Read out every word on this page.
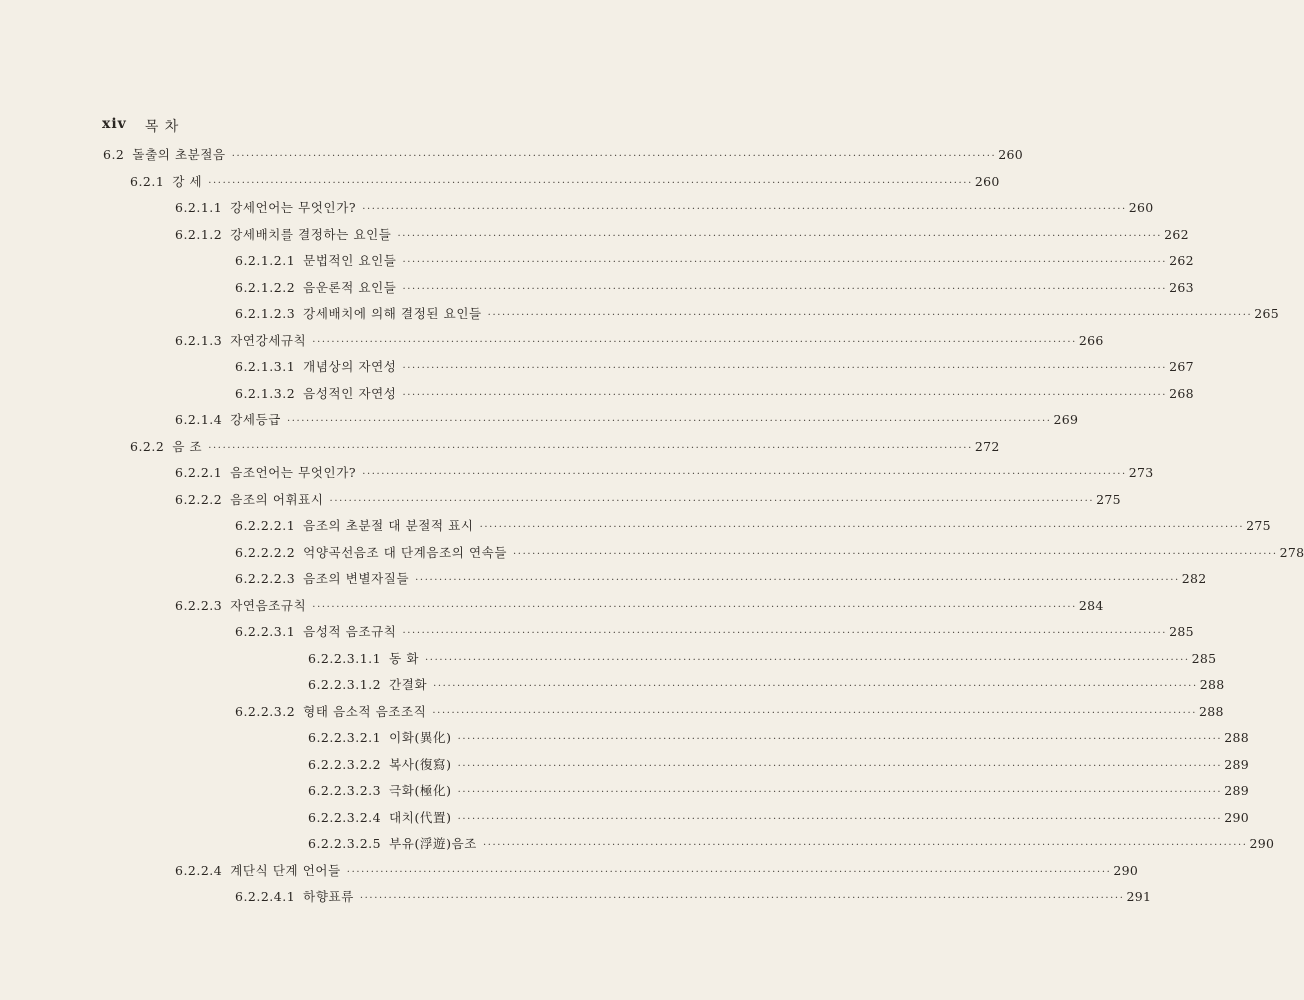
xiv 목 차
6.2 돌출의 초분절음 ································································································································································ 260
6.2.1 강 세 ································································································································································ 260
6.2.1.1 강세언어는 무엇인가? ································································································································································ 260
6.2.1.2 강세배치를 결정하는 요인들 ································································································································································ 262
6.2.1.2.1 문법적인 요인들 ································································································································································ 262
6.2.1.2.2 음운론적 요인들 ································································································································································ 263
6.2.1.2.3 강세배치에 의해 결정된 요인들 ································································································································································ 265
6.2.1.3 자연강세규칙 ································································································································································ 266
6.2.1.3.1 개념상의 자연성 ································································································································································ 267
6.2.1.3.2 음성적인 자연성 ································································································································································ 268
6.2.1.4 강세등급 ································································································································································ 269
6.2.2 음 조 ································································································································································ 272
6.2.2.1 음조언어는 무엇인가? ································································································································································ 273
6.2.2.2 음조의 어휘표시 ································································································································································ 275
6.2.2.2.1 음조의 초분절 대 분절적 표시 ································································································································································ 275
6.2.2.2.2 억양곡선음조 대 단계음조의 연속들 ································································································································································ 278
6.2.2.2.3 음조의 변별자질들 ································································································································································ 282
6.2.2.3 자연음조규칙 ································································································································································ 284
6.2.2.3.1 음성적 음조규칙 ································································································································································ 285
6.2.2.3.1.1 동 화 ································································································································································ 285
6.2.2.3.1.2 간결화 ································································································································································ 288
6.2.2.3.2 형태 음소적 음조조직 ································································································································································ 288
6.2.2.3.2.1 이화(異化) ································································································································································ 288
6.2.2.3.2.2 복사(復寫) ································································································································································ 289
6.2.2.3.2.3 극화(極化) ································································································································································ 289
6.2.2.3.2.4 대치(代置) ································································································································································ 290
6.2.2.3.2.5 부유(浮遊)음조 ································································································································································ 290
6.2.2.4 계단식 단계 언어들 ································································································································································ 290
6.2.2.4.1 하향표류 ································································································································································ 291
